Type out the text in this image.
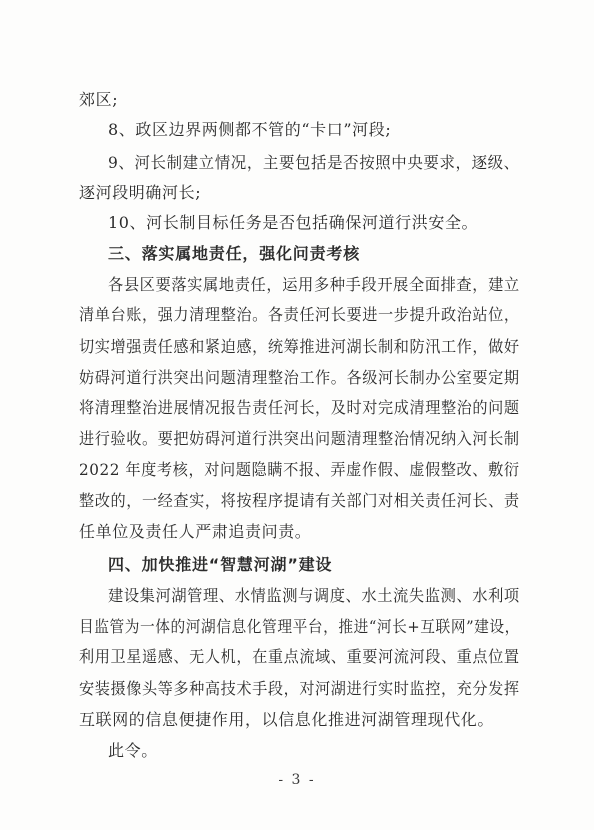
郊区;
8、政区边界两侧都不管的“卡口”河段;
9、河长制建立情况，主要包括是否按照中央要求，逐级、
逐河段明确河长;
10、河长制目标任务是否包括确保河道行洪安全。
三、落实属地责任，强化问责考核
各县区要落实属地责任，运用多种手段开展全面排查，建立
清单台账，强力清理整治。各责任河长要进一步提升政治站位，
切实增强责任感和紧迫感，统筹推进河湖长制和防汛工作，做好
妨碍河道行洪突出问题清理整治工作。各级河长制办公室要定期
将清理整治进展情况报告责任河长，及时对完成清理整治的问题
进行验收。要把妨碍河道行洪突出问题清理整治情况纳入河长制
2022 年度考核，对问题隐瞒不报、弄虚作假、虚假整改、敷衍
整改的，一经查实，将按程序提请有关部门对相关责任河长、责
任单位及责任人严肃追责问责。
四、加快推进“智慧河湖”建设
建设集河湖管理、水情监测与调度、水土流失监测、水利项
目监管为一体的河湖信息化管理平台，推进“河长+互联网”建设，
利用卫星遥感、无人机，在重点流域、重要河流河段、重点位置
安装摄像头等多种高技术手段，对河湖进行实时监控，充分发挥
互联网的信息便捷作用，以信息化推进河湖管理现代化。
此令。
- 3 -
